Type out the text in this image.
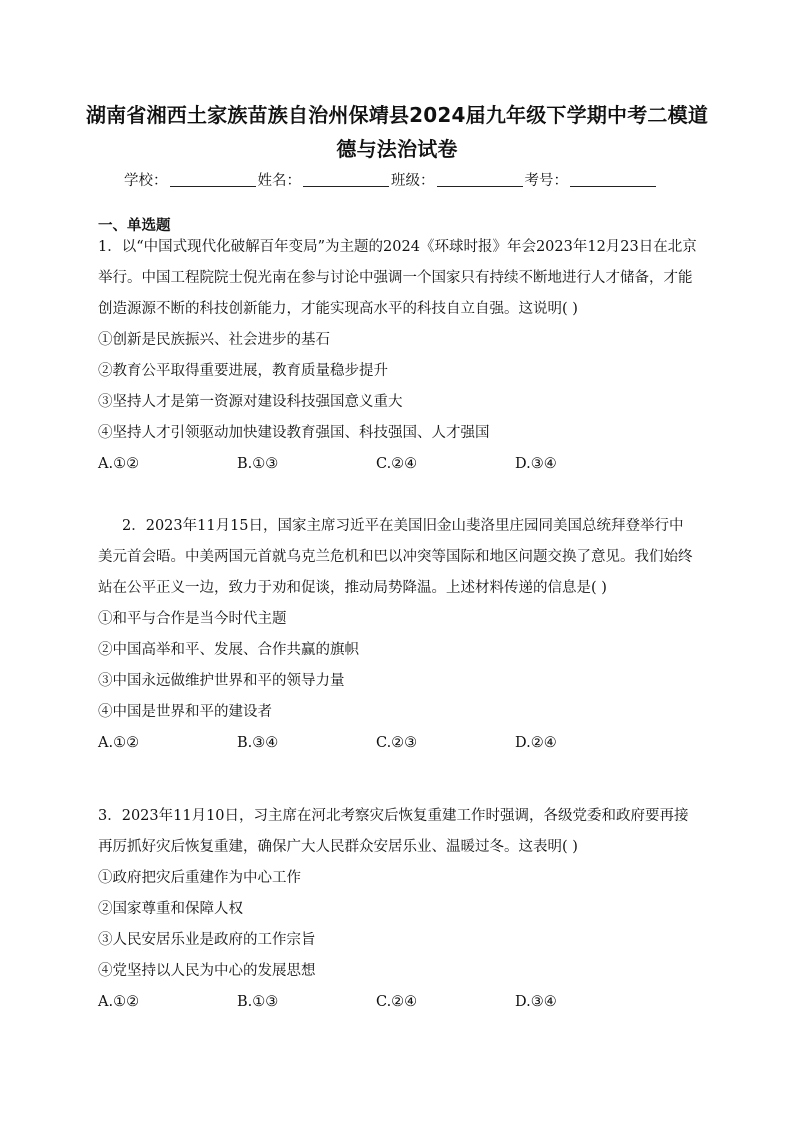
湖南省湘西土家族苗族自治州保靖县2024届九年级下学期中考二模道德与法治试卷
学校：	姓名：	班级：	考号：
一、单选题

1．以“中国式现代化破解百年变局”为主题的2024《环球时报》年会2023年12月23日在北京举行。中国工程院院士倪光南在参与讨论中强调一个国家只有持续不断地进行人才储备，才能创造源源不断的科技创新能力，才能实现高水平的科技自立自强。这说明( )

①创新是民族振兴、社会进步的基石

②教育公平取得重要进展，教育质量稳步提升

③坚持人才是第一资源对建设科技强国意义重大

④坚持人才引领驱动加快建设教育强国、科技强国、人才强国

A.①②	B.①③	C.②④	D.③④

2．2023年11月15日，国家主席习近平在美国旧金山斐洛里庄园同美国总统拜登举行中美元首会晤。中美两国元首就乌克兰危机和巴以冲突等国际和地区问题交换了意见。我们始终站在公平正义一边，致力于劝和促谈，推动局势降温。上述材料传递的信息是( )

①和平与合作是当今时代主题

②中国高举和平、发展、合作共赢的旗帜

③中国永远做维护世界和平的领导力量

④中国是世界和平的建设者

A.①②	B.③④	C.②③	D.②④

3．2023年11月10日，习主席在河北考察灾后恢复重建工作时强调，各级党委和政府要再接再厉抓好灾后恢复重建，确保广大人民群众安居乐业、温暖过冬。这表明( )

①政府把灾后重建作为中心工作

②国家尊重和保障人权

③人民安居乐业是政府的工作宗旨

④党坚持以人民为中心的发展思想

A.①②	B.①③	C.②④	D.③④
